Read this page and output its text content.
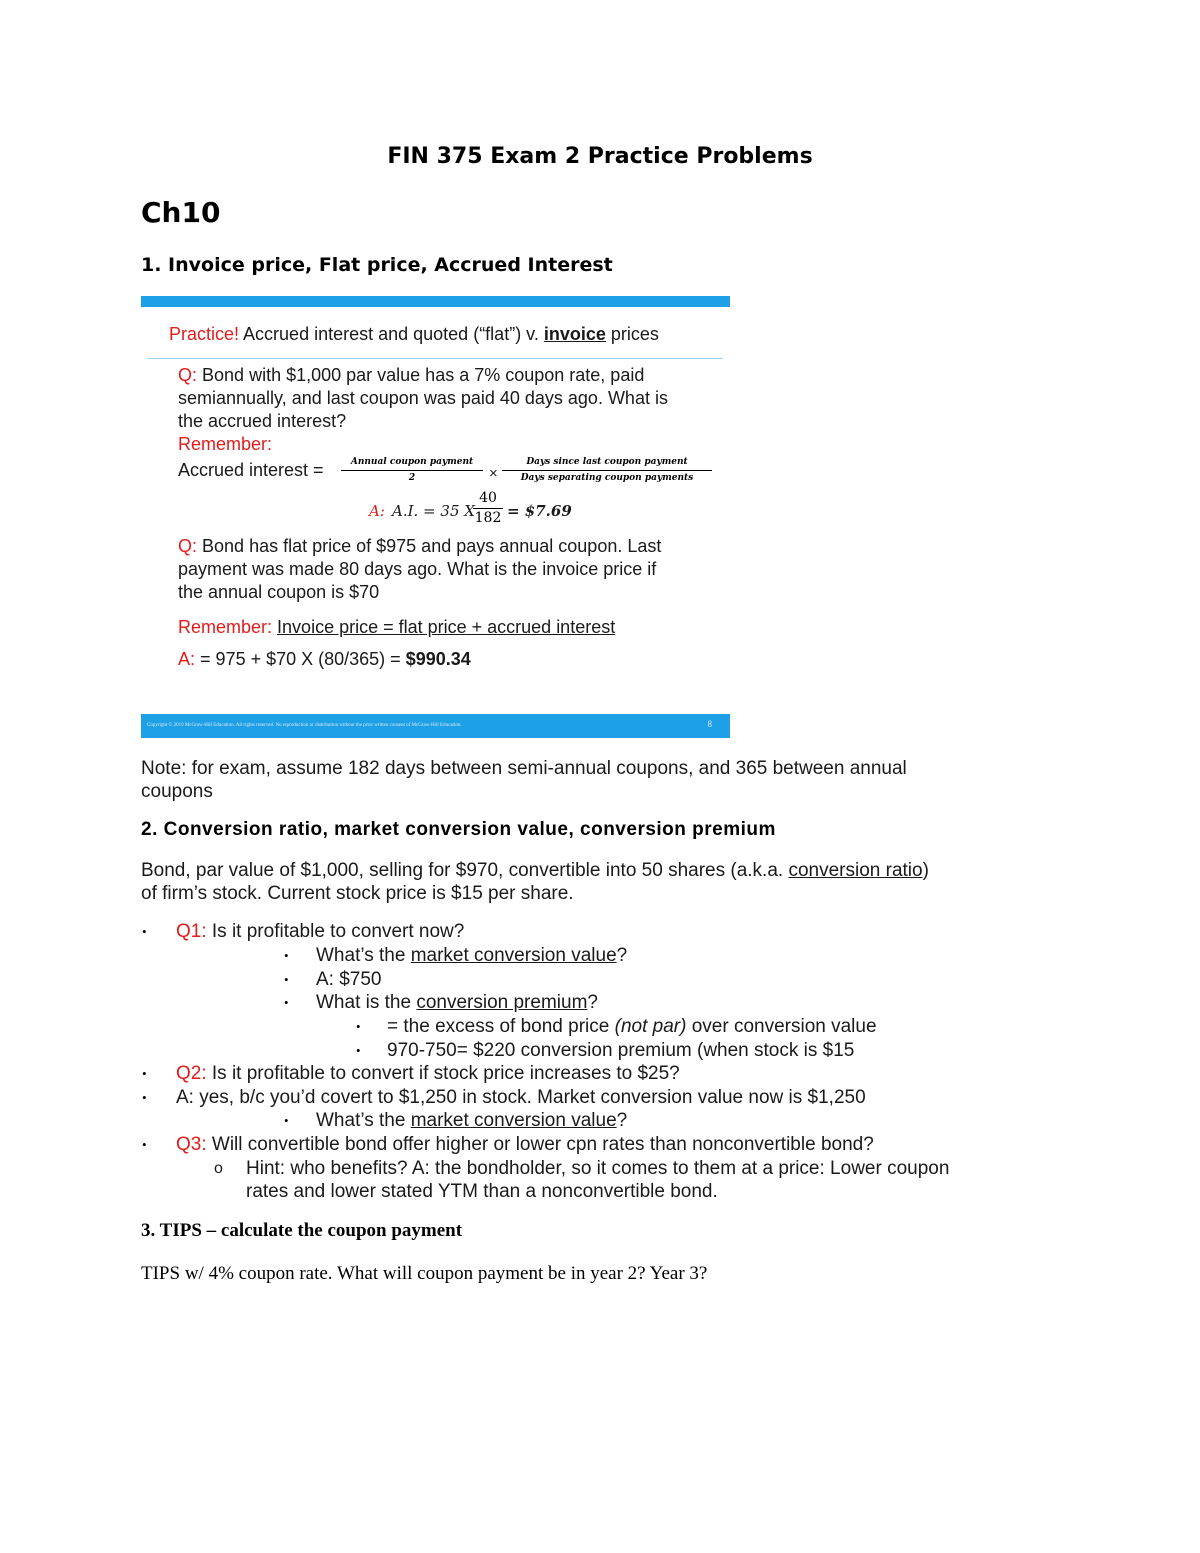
FIN 375 Exam 2 Practice Problems
Ch10
1. Invoice price, Flat price, Accrued Interest
Practice! Accrued interest and quoted (“flat”) v. invoice prices
Q: Bond with $1,000 par value has a 7% coupon rate, paid
semiannually, and last coupon was paid 40 days ago. What is
the accrued interest?
Remember:
Accrued interest =	Annual coupon payment
2	×
Days since last coupon payment
Days separating coupon payments
A: A.I. = 35 X
$\frac{40}{182}$ = $7.69
Q: Bond has flat price of $975 and pays annual coupon. Last
payment was made 80 days ago. What is the invoice price if
the annual coupon is $70
Remember: Invoice price = flat price + accrued interest
A: = 975 + $70 X (80/365) = $990.34
Copyright © 2019 McGraw-Hill Education. All rights reserved. No reproduction or distribution without the prior written consent of McGraw-Hill Education.	8
Note: for exam, assume 182 days between semi-annual coupons, and 365 between annual
coupons
2. Conversion ratio, market conversion value, conversion premium
Bond, par value of $1,000, selling for $970, convertible into 50 shares (a.k.a. conversion ratio)
of firm’s stock. Current stock price is $15 per share.
• Q1: Is it profitable to convert now?
• What’s the market conversion value?
• A: $750
• What is the conversion premium?
• = the excess of bond price (not par) over conversion value
• 970-750= $220 conversion premium (when stock is $15
• Q2: Is it profitable to convert if stock price increases to $25?
• A: yes, b/c you’d covert to $1,250 in stock. Market conversion value now is $1,250
• What’s the market conversion value?
• Q3: Will convertible bond offer higher or lower cpn rates than nonconvertible bond?
o Hint: who benefits? A: the bondholder, so it comes to them at a price: Lower coupon
rates and lower stated YTM than a nonconvertible bond.
3. TIPS – calculate the coupon payment
TIPS w/ 4% coupon rate. What will coupon payment be in year 2? Year 3?
